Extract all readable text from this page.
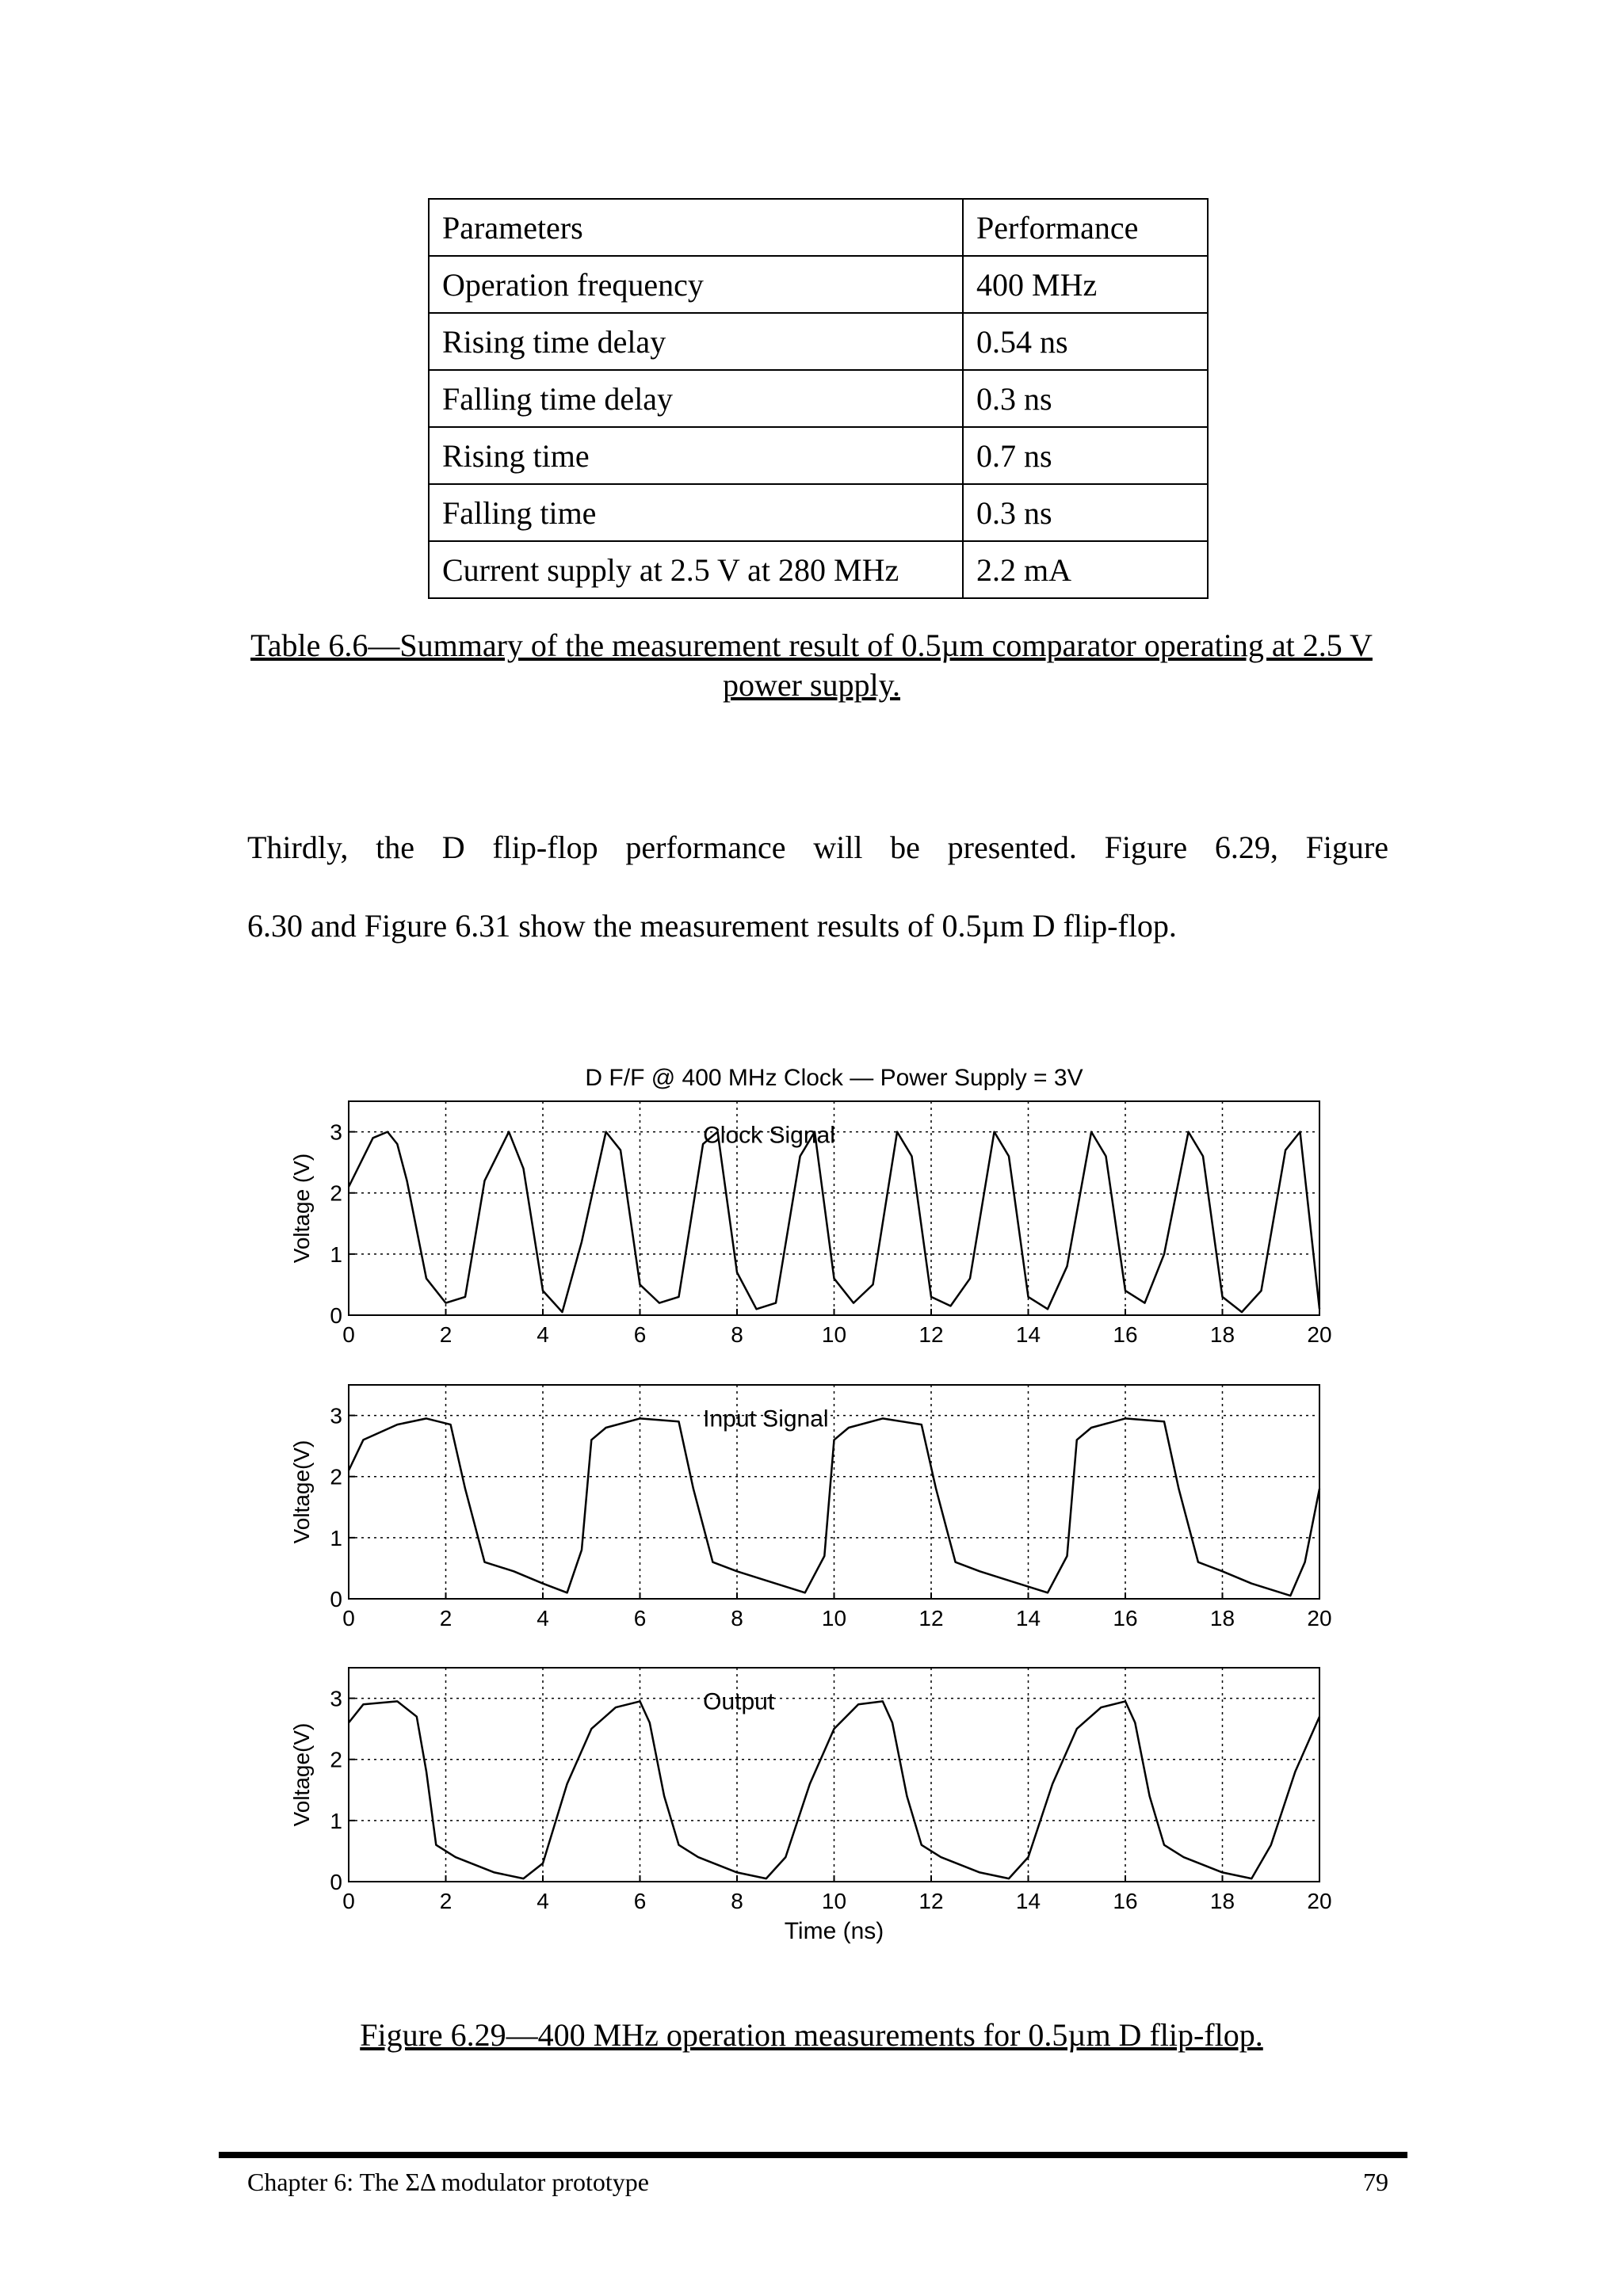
Parameters	Performance
Operation frequency	400 MHz
Rising time delay	0.54 ns
Falling time delay	0.3 ns
Rising time	0.7 ns
Falling time	0.3 ns
Current supply at 2.5 V at 280 MHz	2.2 mA
Table 6.6—Summary of the measurement result of 0.5µm comparator operating at 2.5 V power supply.
Thirdly, the D flip-flop performance will be presented. Figure 6.29, Figure
6.30 and Figure 6.31 show the measurement results of 0.5µm D flip-flop.
D F/F @ 400 MHz Clock — Power Supply = 3V
0	2	4	6	8	10	12	14	16	18	20
0
1
2
3
Voltage (V)
Clock Signal
0	2	4	6	8	10	12	14	16	18	20
0
1
2
3
Voltage(V)
Input Signal
0	2	4	6	8	10	12	14	16	18	20
0
1
2
3
Voltage(V)
Time (ns)
Output
Figure 6.29—400 MHz operation measurements for 0.5µm D flip-flop.
Chapter 6: The ΣΔ modulator prototype	79
